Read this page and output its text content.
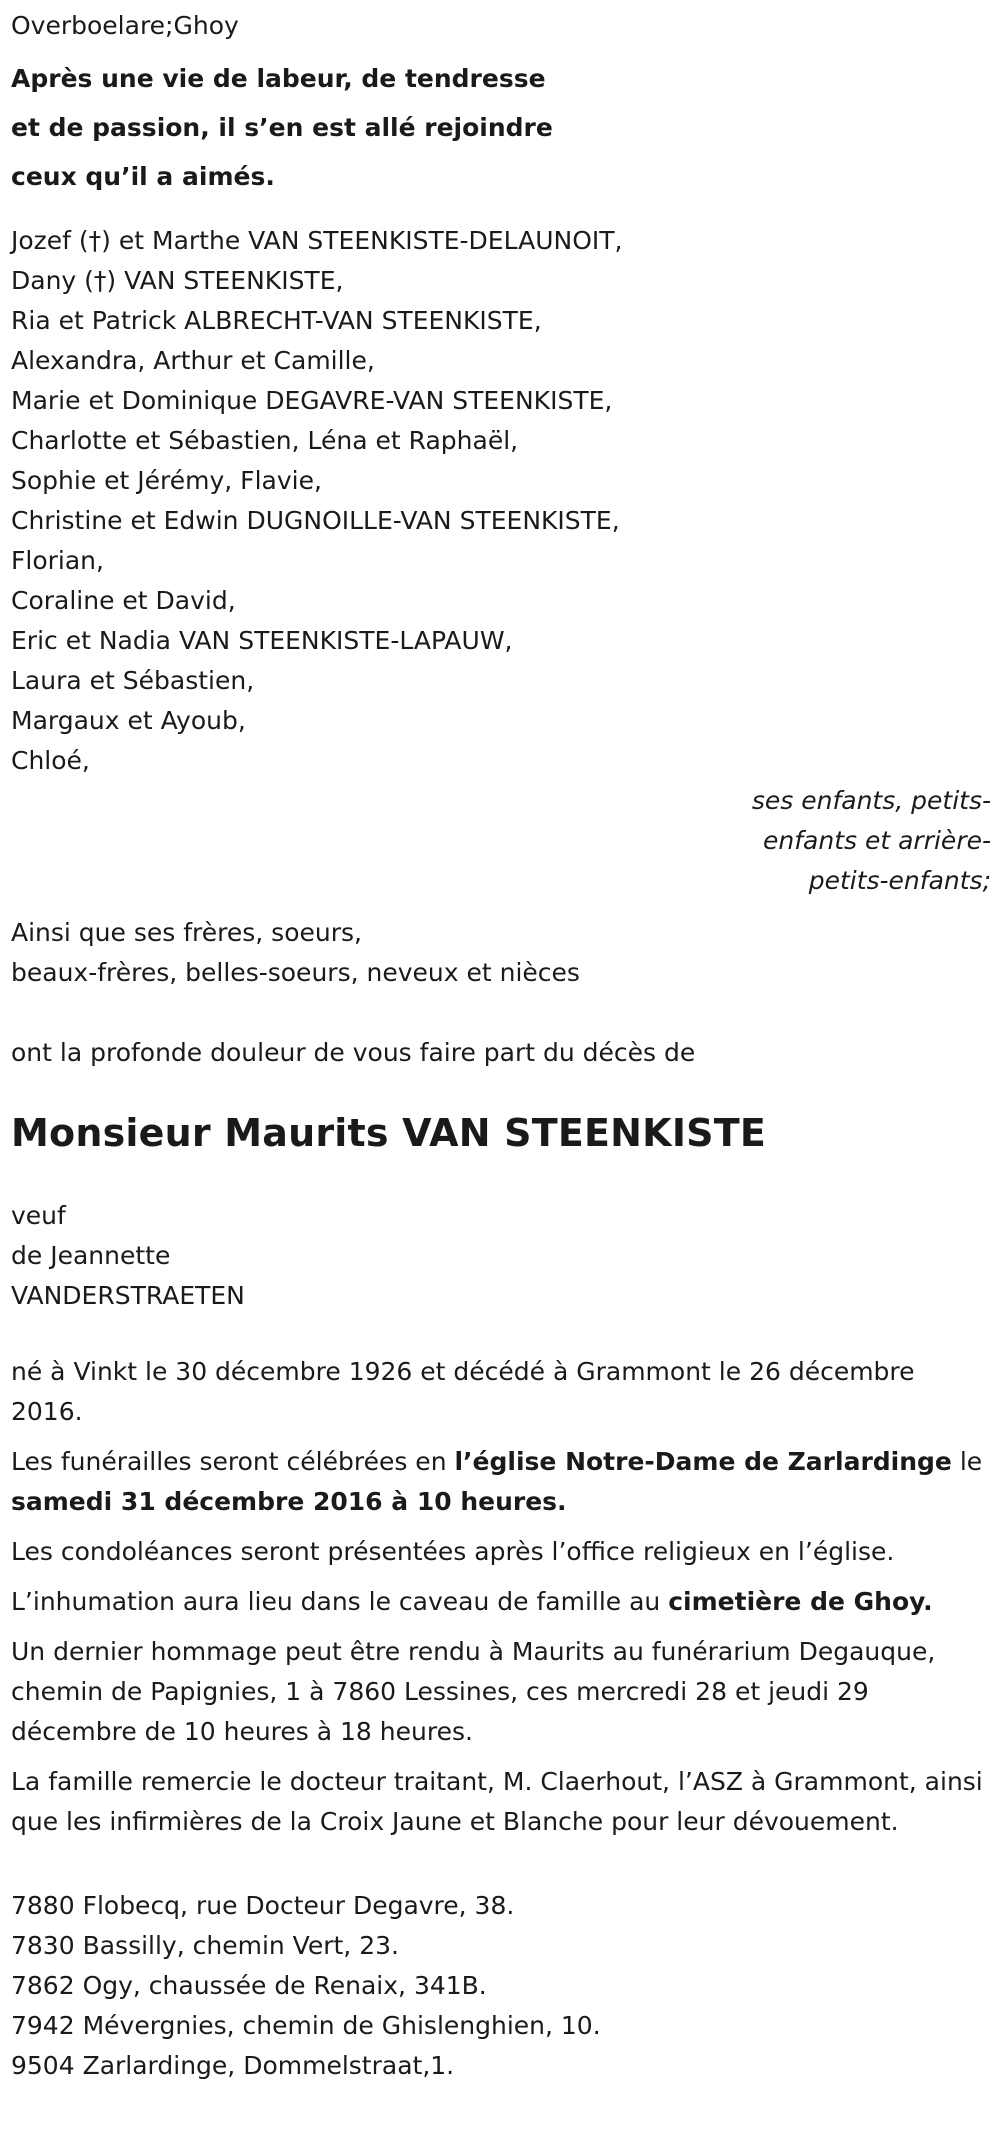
Overboelare;Ghoy
Après une vie de labeur, de tendresse
et de passion, il s’en est allé rejoindre
ceux qu’il a aimés.
Jozef (†) et Marthe VAN STEENKISTE-DELAUNOIT,
Dany (†) VAN STEENKISTE,
Ria et Patrick ALBRECHT-VAN STEENKISTE,
Alexandra, Arthur et Camille,
Marie et Dominique DEGAVRE-VAN STEENKISTE,
Charlotte et Sébastien, Léna et Raphaël,
Sophie et Jérémy, Flavie,
Christine et Edwin DUGNOILLE-VAN STEENKISTE,
Florian,
Coraline et David,
Eric et Nadia VAN STEENKISTE-LAPAUW,
Laura et Sébastien,
Margaux et Ayoub,
Chloé,
ses enfants, petits-
enfants et arrière-
petits-enfants;
Ainsi que ses frères, soeurs,
beaux-frères, belles-soeurs, neveux et nièces
ont la profonde douleur de vous faire part du décès de
Monsieur Maurits VAN STEENKISTE
veuf
de Jeannette
VANDERSTRAETEN

né à Vinkt le 30 décembre 1926 et décédé à Grammont le 26 décembre 2016.

Les funérailles seront célébrées en l’église Notre-Dame de Zarlardinge le samedi 31 décembre 2016 à 10 heures.

Les condoléances seront présentées après l’office religieux en l’église.

L’inhumation aura lieu dans le caveau de famille au cimetière de Ghoy.

Un dernier hommage peut être rendu à Maurits au funérarium Degauque, chemin de Papignies, 1 à 7860 Lessines, ces mercredi 28 et jeudi 29 décembre de 10 heures à 18 heures.

La famille remercie le docteur traitant, M. Claerhout, l’ASZ à Grammont, ainsi que les infirmières de la Croix Jaune et Blanche pour leur dévouement.

7880 Flobecq, rue Docteur Degavre, 38.
7830 Bassilly, chemin Vert, 23.
7862 Ogy, chaussée de Renaix, 341B.
7942 Mévergnies, chemin de Ghislenghien, 10.
9504 Zarlardinge, Dommelstraat,1.
